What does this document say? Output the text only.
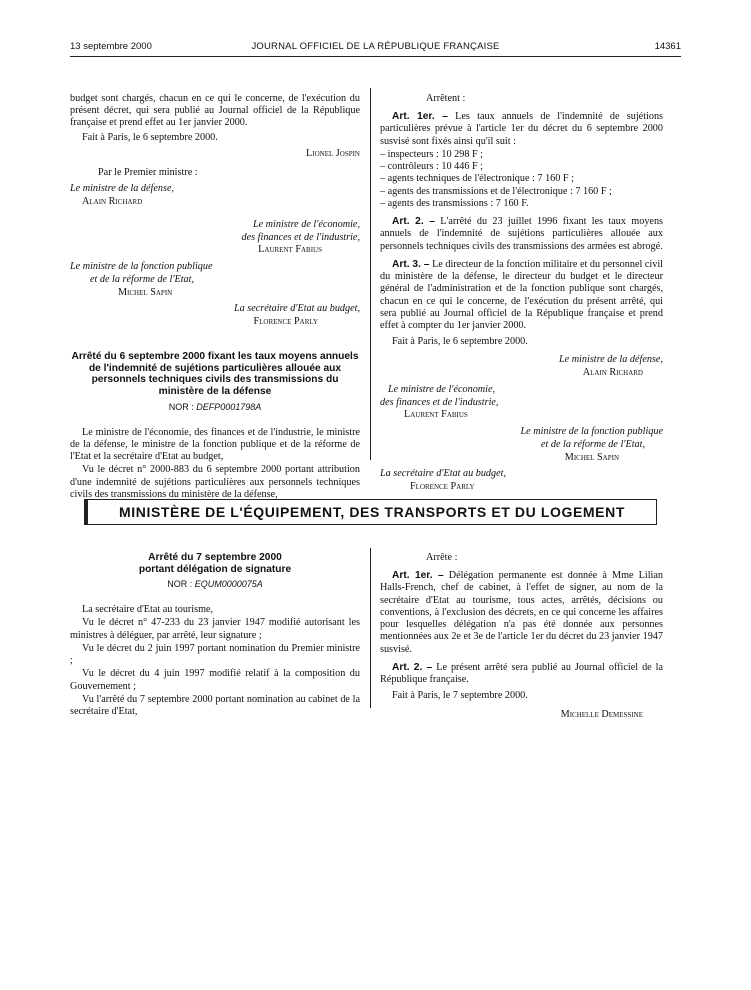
13 septembre 2000	JOURNAL OFFICIEL DE LA RÉPUBLIQUE FRANÇAISE	14361

budget sont chargés, chacun en ce qui le concerne, de l'exécution du présent décret, qui sera publié au Journal officiel de la République française et prend effet au 1er janvier 2000.

Fait à Paris, le 6 septembre 2000.

Lionel Jospin
Par le Premier ministre :
Le ministre de la défense,
Alain Richard
Le ministre de l'économie,
des finances et de l'industrie,
Laurent Fabius
Le ministre de la fonction publique
et de la réforme de l'Etat,
Michel Sapin
La secrétaire d'Etat au budget,
Florence Parly
Arrêté du 6 septembre 2000 fixant les taux moyens annuels de l'indemnité de sujétions particulières allouée aux personnels techniques civils des transmissions du ministère de la défense
NOR : DEFP0001798A

Le ministre de l'économie, des finances et de l'industrie, le ministre de la défense, le ministre de la fonction publique et de la réforme de l'Etat et la secrétaire d'Etat au budget,

Vu le décret n° 2000-883 du 6 septembre 2000 portant attribution d'une indemnité de sujétions particulières aux personnels techniques civils des transmissions du ministère de la défense,

Arrêtent :

Art. 1er. – Les taux annuels de l'indemnité de sujétions particulières prévue à l'article 1er du décret du 6 septembre 2000 susvisé sont fixés ainsi qu'il suit :

– inspecteurs : 10 298 F ;
– contrôleurs : 10 446 F ;
– agents techniques de l'électronique : 7 160 F ;
– agents des transmissions et de l'électronique : 7 160 F ;
– agents des transmissions : 7 160 F.

Art. 2. – L'arrêté du 23 juillet 1996 fixant les taux moyens annuels de l'indemnité de sujétions particulières allouée aux personnels techniques civils des transmissions des armées est abrogé.

Art. 3. – Le directeur de la fonction militaire et du personnel civil du ministère de la défense, le directeur du budget et le directeur général de l'administration et de la fonction publique sont chargés, chacun en ce qui le concerne, de l'exécution du présent arrêté, qui sera publié au Journal officiel de la République française et prend effet à compter du 1er janvier 2000.

Fait à Paris, le 6 septembre 2000.

Le ministre de la défense,
Alain Richard
Le ministre de l'économie,
des finances et de l'industrie,
Laurent Fabius
Le ministre de la fonction publique
et de la réforme de l'Etat,
Michel Sapin
La secrétaire d'Etat au budget,
Florence Parly
MINISTÈRE DE L'ÉQUIPEMENT, DES TRANSPORTS ET DU LOGEMENT
Arrêté du 7 septembre 2000
portant délégation de signature
NOR : EQUM0000075A

La secrétaire d'Etat au tourisme,

Vu le décret n° 47-233 du 23 janvier 1947 modifié autorisant les ministres à déléguer, par arrêté, leur signature ;

Vu le décret du 2 juin 1997 portant nomination du Premier ministre ;

Vu le décret du 4 juin 1997 modifié relatif à la composition du Gouvernement ;

Vu l'arrêté du 7 septembre 2000 portant nomination au cabinet de la secrétaire d'Etat,

Arrête :

Art. 1er. – Délégation permanente est donnée à Mme Lilian Halls-French, chef de cabinet, à l'effet de signer, au nom de la secrétaire d'Etat au tourisme, tous actes, arrêtés, décisions ou conventions, à l'exclusion des décrets, en ce qui concerne les affaires pour lesquelles délégation n'a pas été donnée aux personnes mentionnées aux 2e et 3e de l'article 1er du décret du 23 janvier 1947 susvisé.

Art. 2. – Le présent arrêté sera publié au Journal officiel de la République française.

Fait à Paris, le 7 septembre 2000.

Michelle Demessine
